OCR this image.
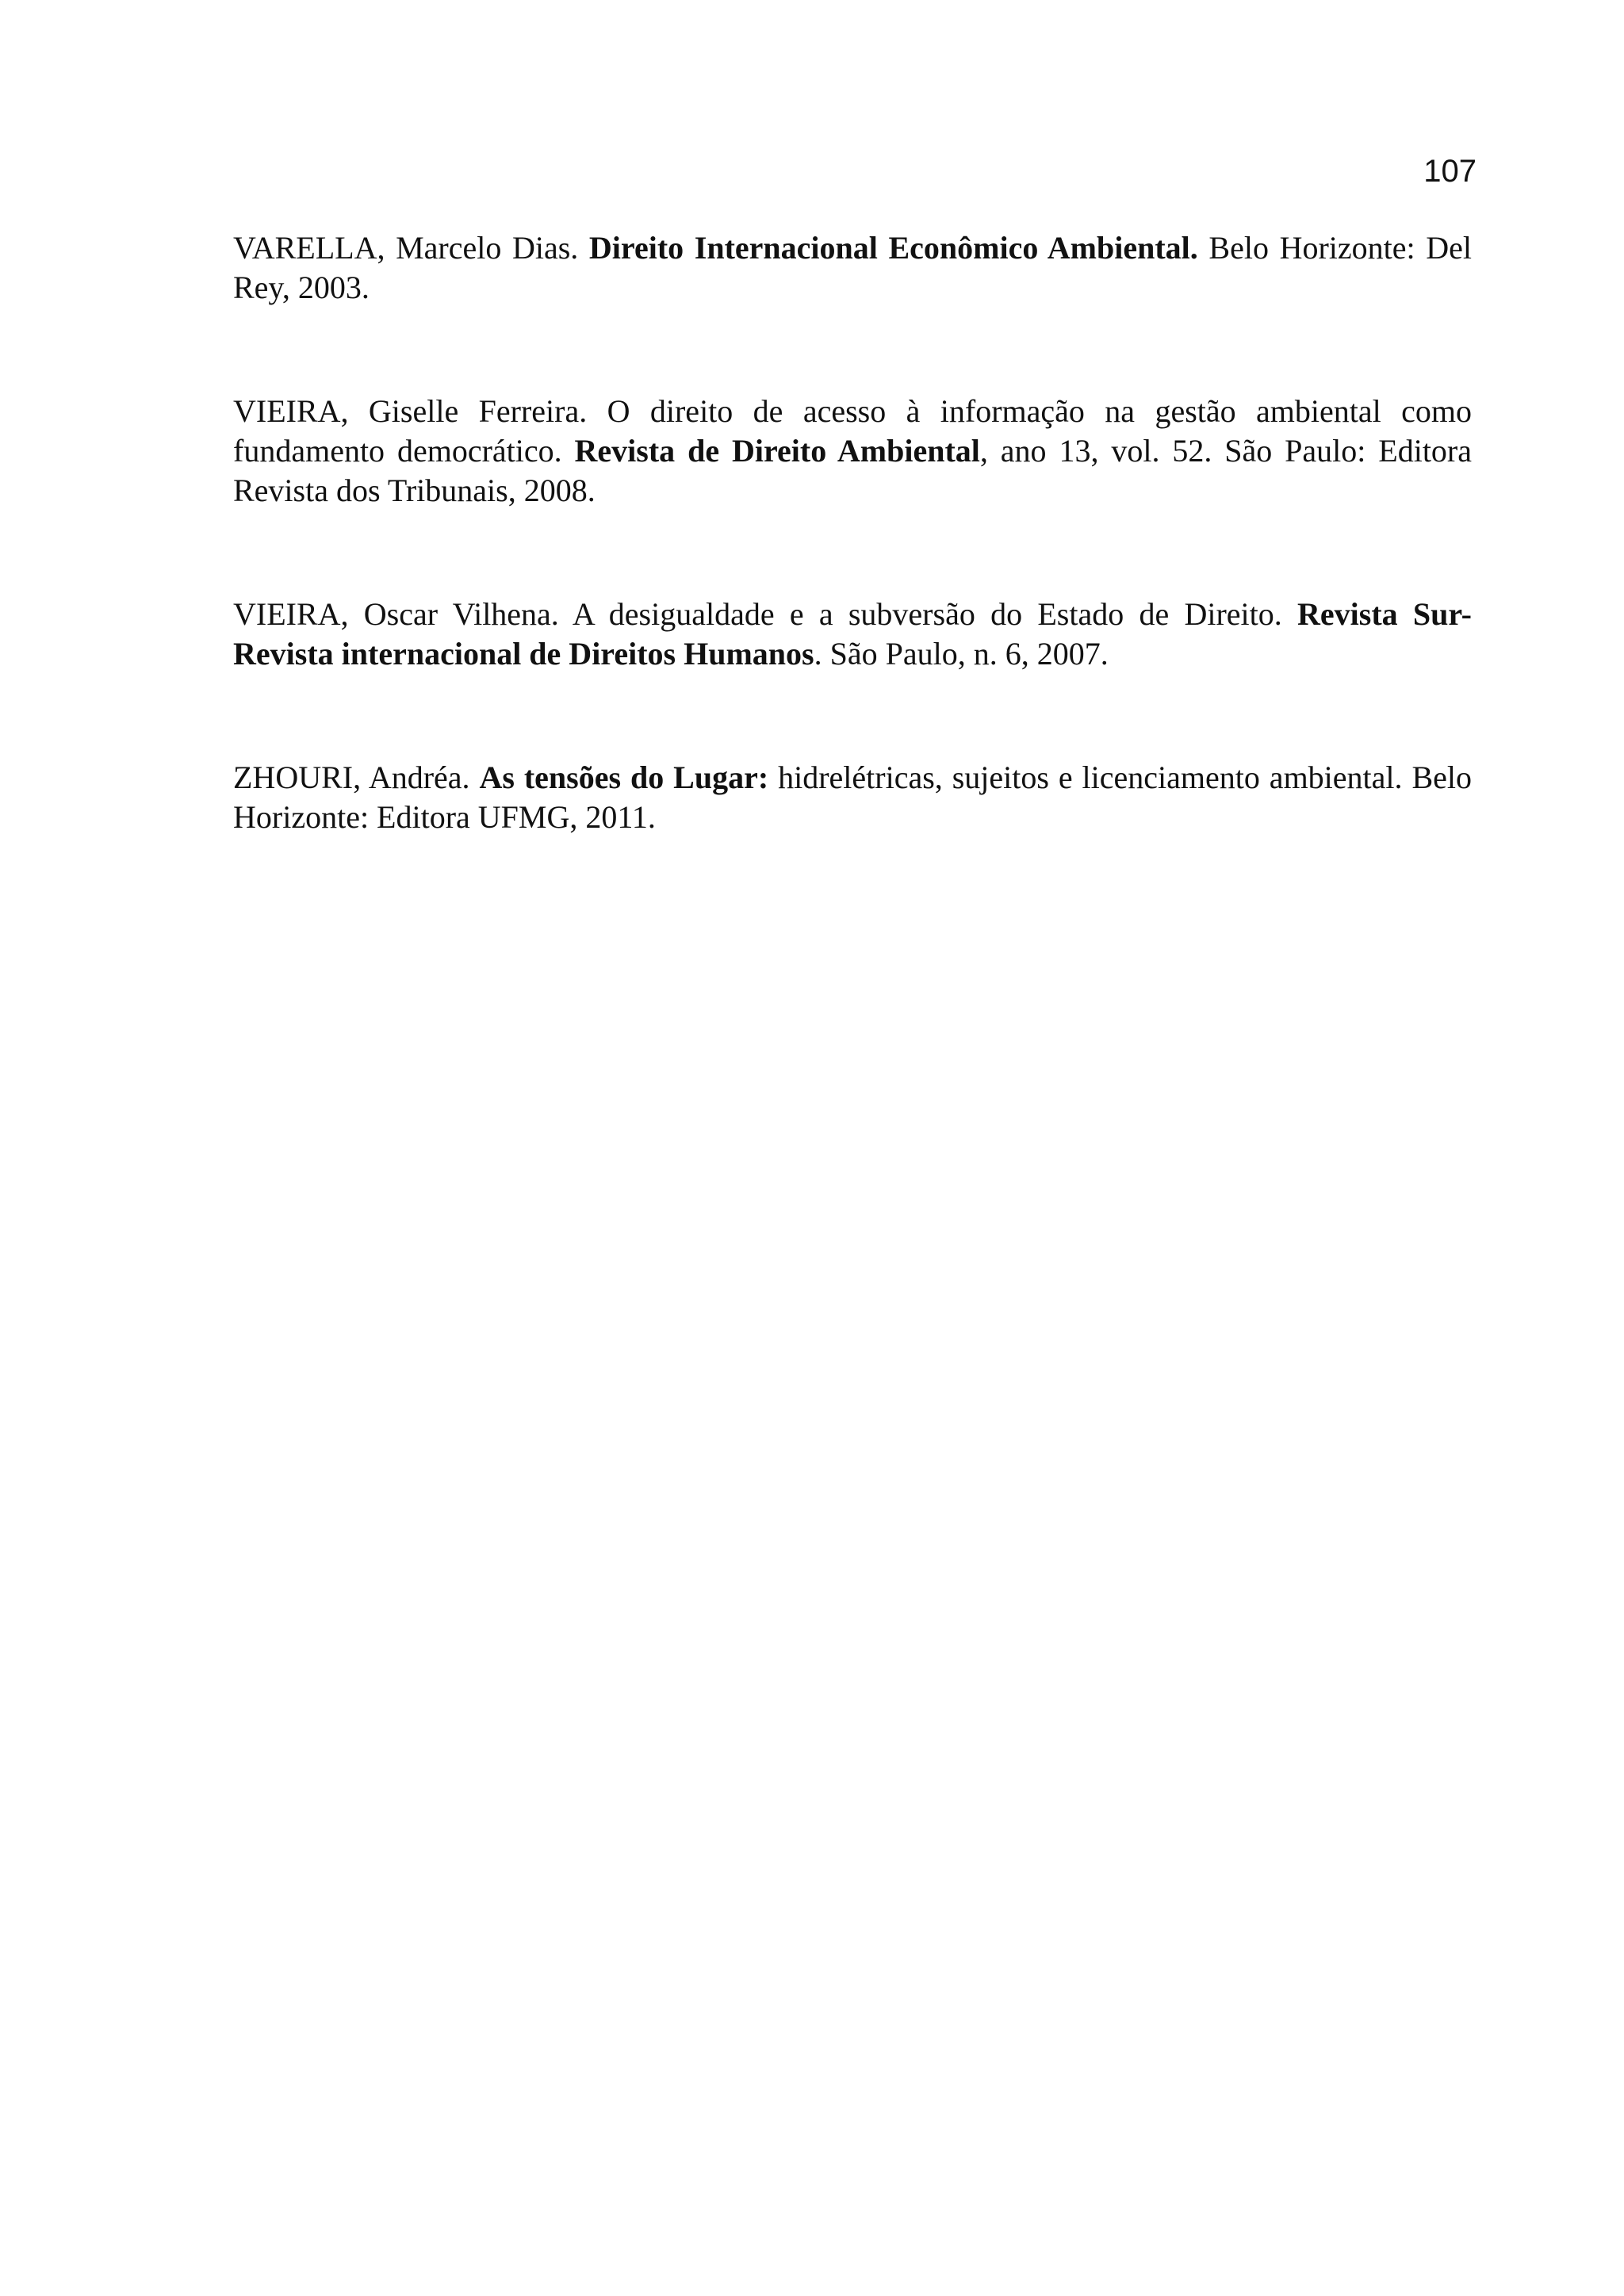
107

VARELLA, Marcelo Dias. Direito Internacional Econômico Ambiental. Belo Horizonte: Del Rey, 2003.

VIEIRA, Giselle Ferreira. O direito de acesso à informação na gestão ambiental como fundamento democrático. Revista de Direito Ambiental, ano 13, vol. 52. São Paulo: Editora Revista dos Tribunais, 2008.

VIEIRA, Oscar Vilhena. A desigualdade e a subversão do Estado de Direito. Revista Sur-Revista internacional de Direitos Humanos. São Paulo, n. 6, 2007.

ZHOURI, Andréa. As tensões do Lugar: hidrelétricas, sujeitos e licenciamento ambiental. Belo Horizonte: Editora UFMG, 2011.
